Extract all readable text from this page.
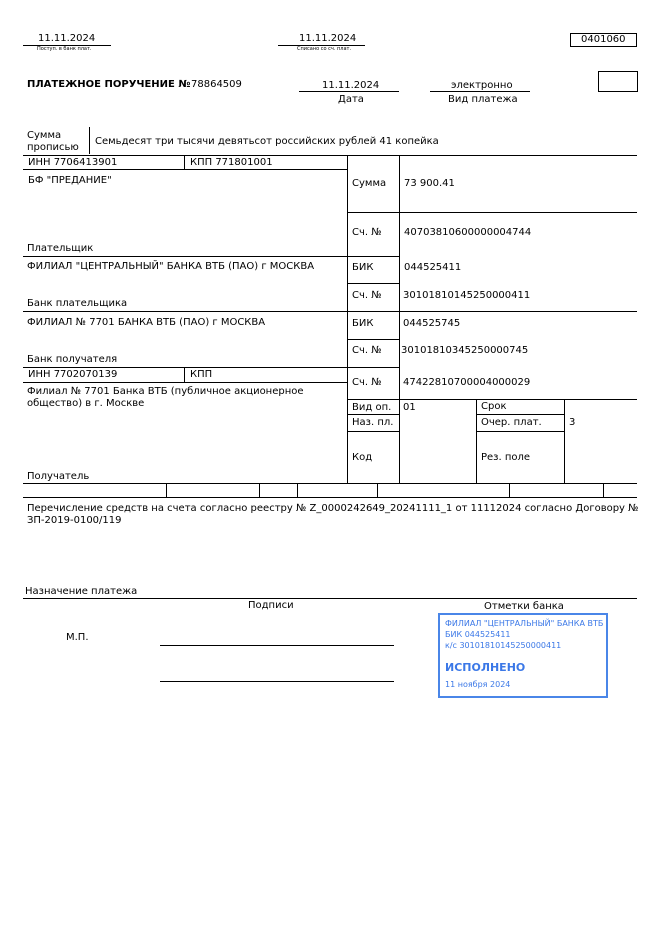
11.11.2024
Поступ. в банк плат.
11.11.2024
Списано со сч. плат.
0401060
ПЛАТЕЖНОЕ ПОРУЧЕНИЕ № 78864509	11.11.2024
Дата
электронно
Вид платежа
Сумма
прописью
Семьдесят три тысячи девятьсот российских рублей 41 копейка
ИНН 7706413901	КПП 771801001
БФ "ПРЕДАНИЕ"
Плательщик
Сумма 73 900.41
Сч. № 40703810600000004744
ФИЛИАЛ "ЦЕНТРАЛЬНЫЙ" БАНКА ВТБ (ПАО) г МОСКВА
Банк плательщика
БИК	044525411
Сч. № 30101810145250000411
ФИЛИАЛ № 7701 БАНКА ВТБ (ПАО) г МОСКВА
Банк получателя
БИК	044525745
Сч. № 30101810345250000745
ИНН 7702070139	КПП
Филиал № 7701 Банка ВТБ (публичное акционерное
общество) в г. Москве
Получатель
Сч. № 47422810700004000029
Вид оп. 01	Срок
Наз. пл.	Очер. плат.	3
Код	Рез. поле
Перечисление средств на счета согласно реестру № Z_0000242649_20241111_1 от 11112024 согласно Договору №
ЗП-2019-0100/119
Назначение платежа
Подписи	Отметки банка
М.П.
ФИЛИАЛ "ЦЕНТРАЛЬНЫЙ" БАНКА ВТБ
БИК 044525411
к/с 30101810145250000411
ИСПОЛНЕНО
11 ноября 2024
